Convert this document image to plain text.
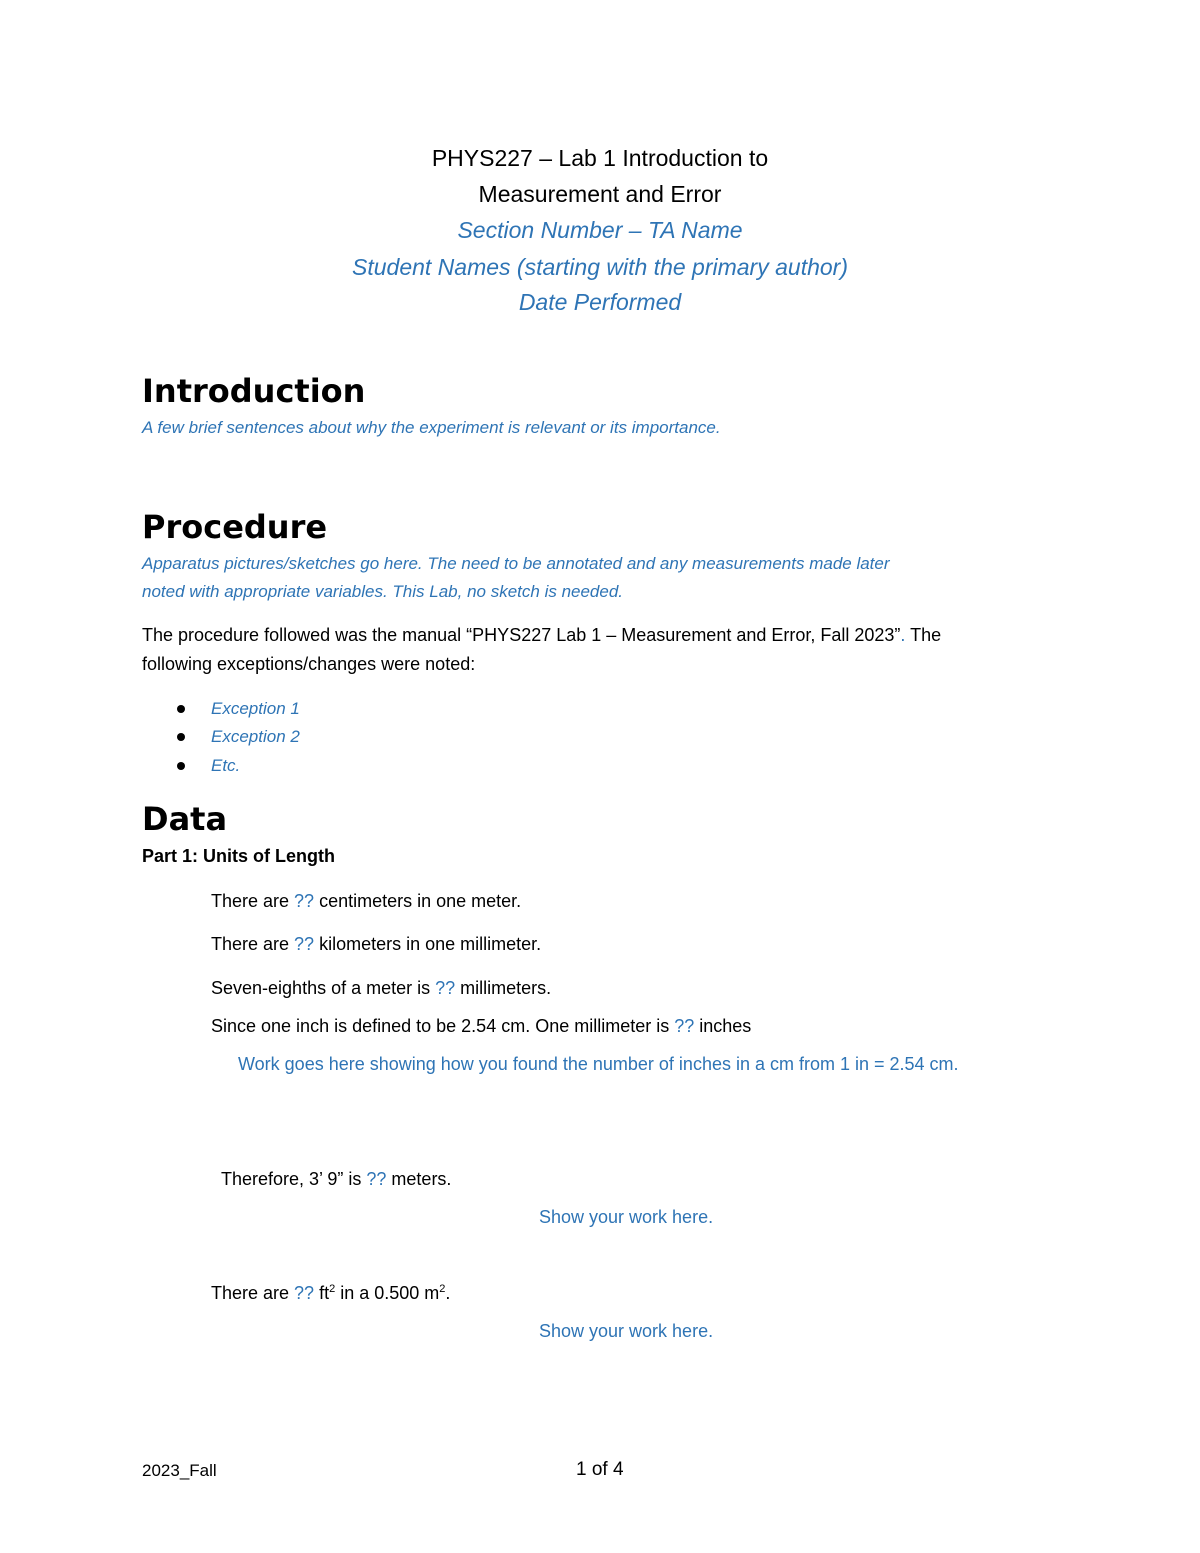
PHYS227 – Lab 1 Introduction to
Measurement and Error
Section Number – TA Name
Student Names (starting with the primary author)
Date Performed
Introduction
A few brief sentences about why the experiment is relevant or its importance.
Procedure
Apparatus pictures/sketches go here. The need to be annotated and any measurements made later
noted with appropriate variables. This Lab, no sketch is needed.
The procedure followed was the manual “PHYS227 Lab 1 – Measurement and Error, Fall 2023”. The
following exceptions/changes were noted:
Exception 1
Exception 2
Etc.
Data
Part 1: Units of Length
There are ?? centimeters in one meter.
There are ?? kilometers in one millimeter.
Seven-eighths of a meter is ?? millimeters.
Since one inch is defined to be 2.54 cm. One millimeter is ?? inches
Work goes here showing how you found the number of inches in a cm from 1 in = 2.54 cm.
Therefore, 3’ 9” is ?? meters.
Show your work here.
There are ?? $ft^2$ in a 0.500 $m^2$.
Show your work here.
2023_Fall	1 of 4
